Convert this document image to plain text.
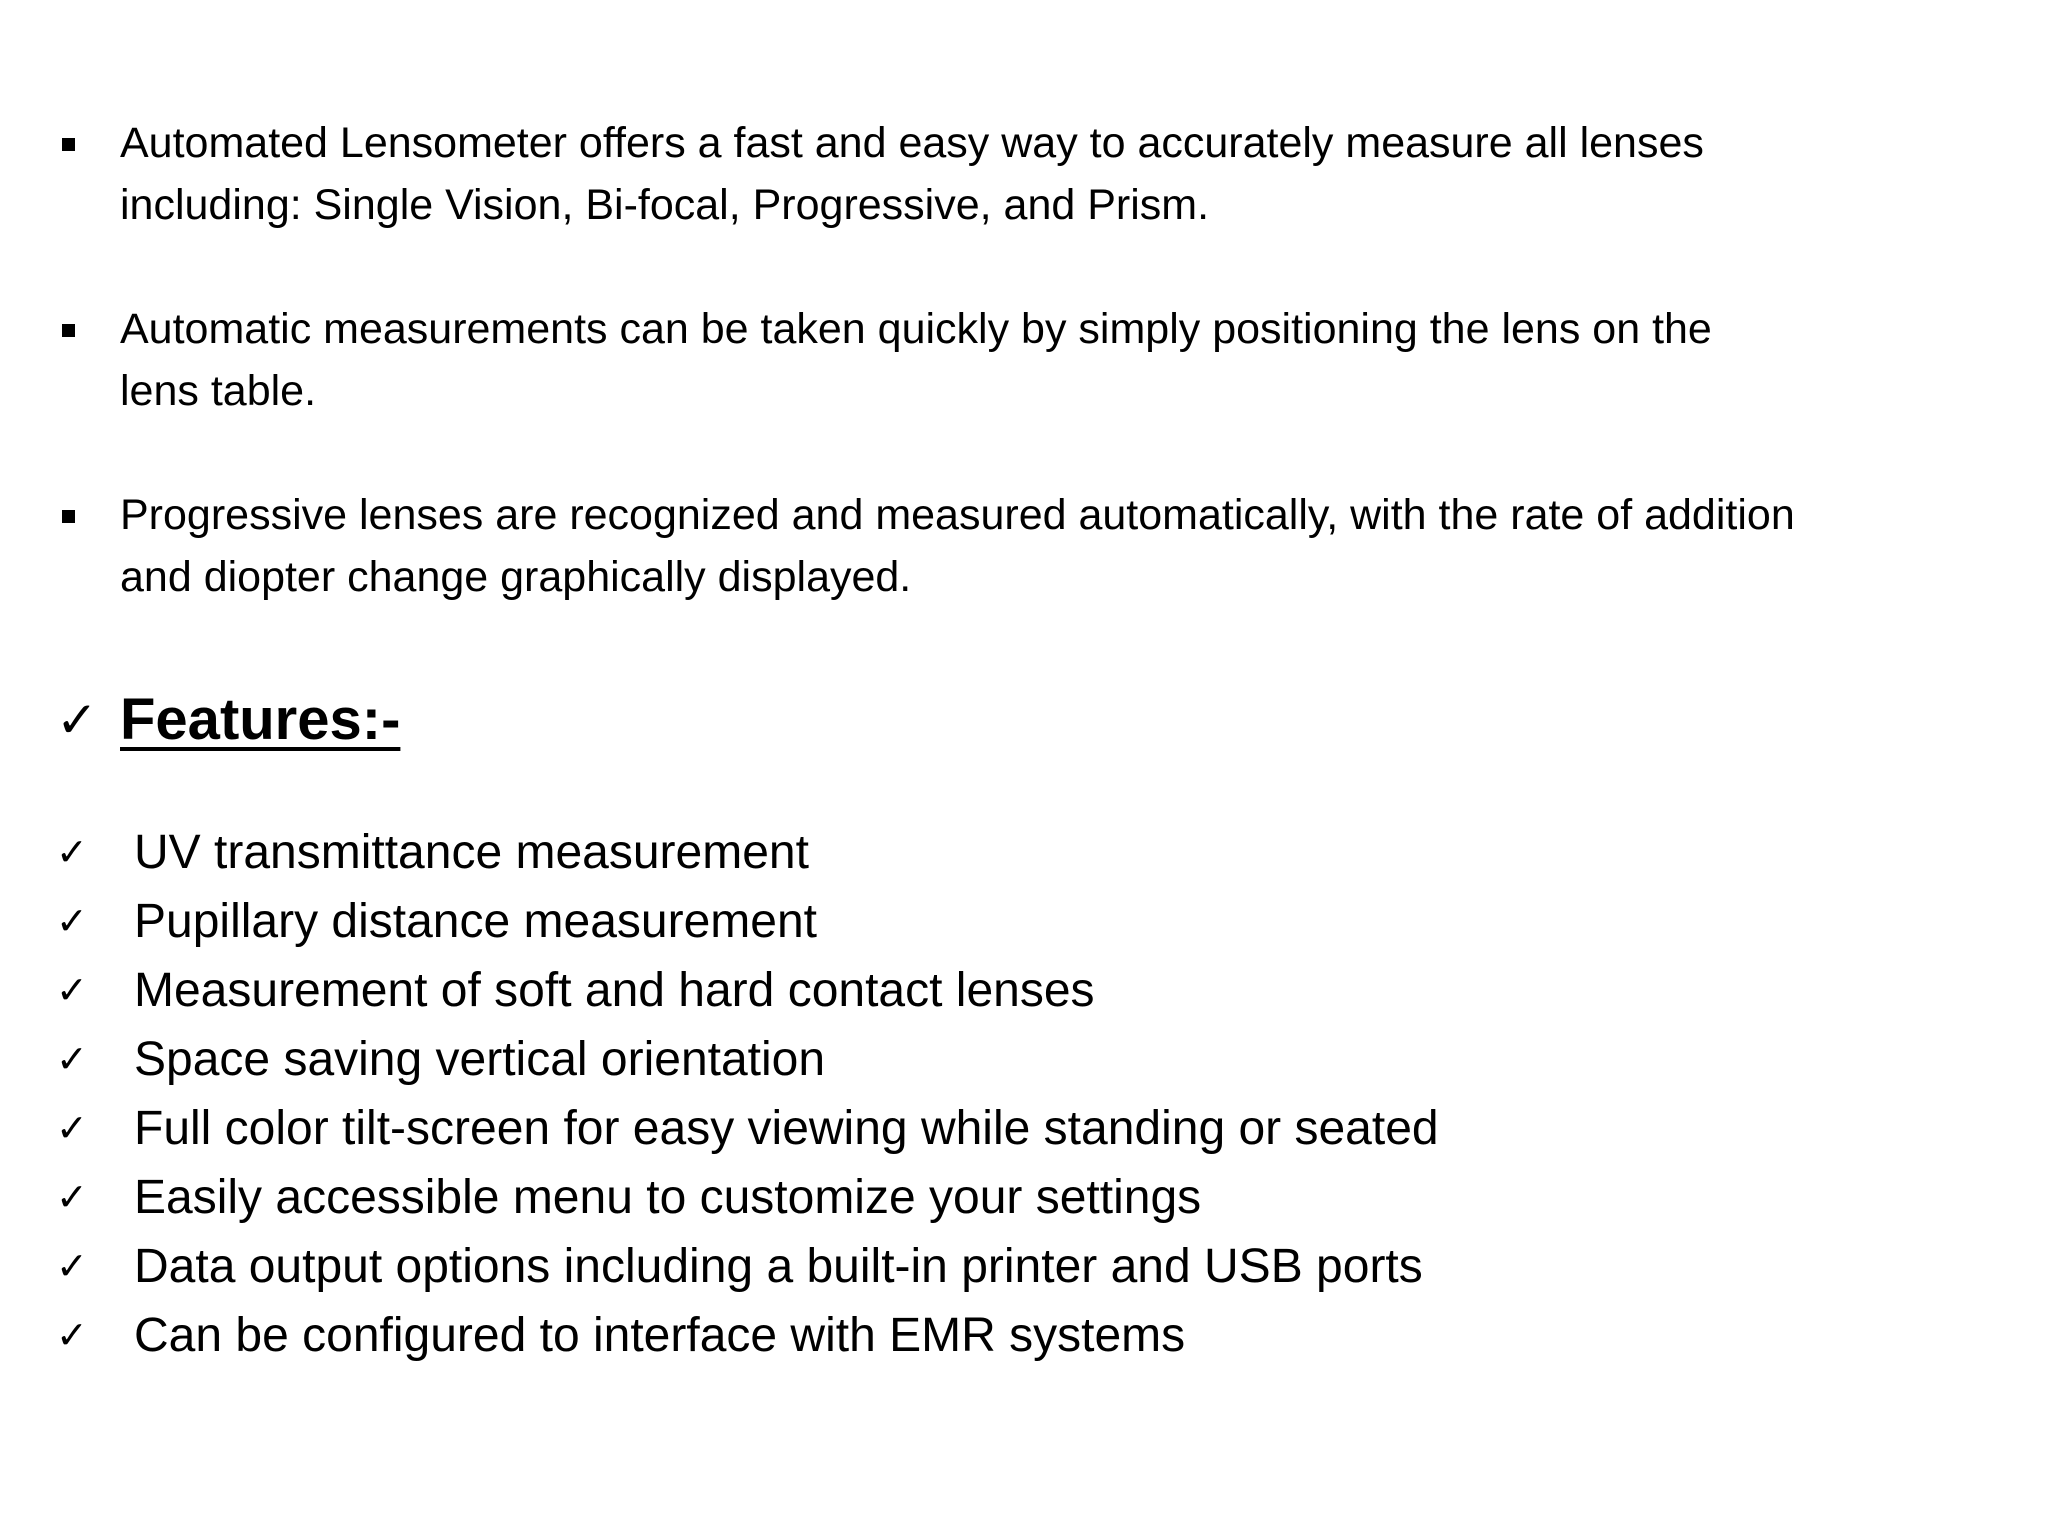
Automated Lensometer offers a fast and easy way to accurately measure all lenses
including: Single Vision, Bi-focal, Progressive, and Prism.
Automatic measurements can be taken quickly by simply positioning the lens on the
lens table.
Progressive lenses are recognized and measured automatically, with the rate of addition
and diopter change graphically displayed.
✓ Features:-
✓ UV transmittance measurement
✓ Pupillary distance measurement
✓ Measurement of soft and hard contact lenses
✓ Space saving vertical orientation
✓ Full color tilt-screen for easy viewing while standing or seated
✓ Easily accessible menu to customize your settings
✓ Data output options including a built-in printer and USB ports
✓ Can be configured to interface with EMR systems
